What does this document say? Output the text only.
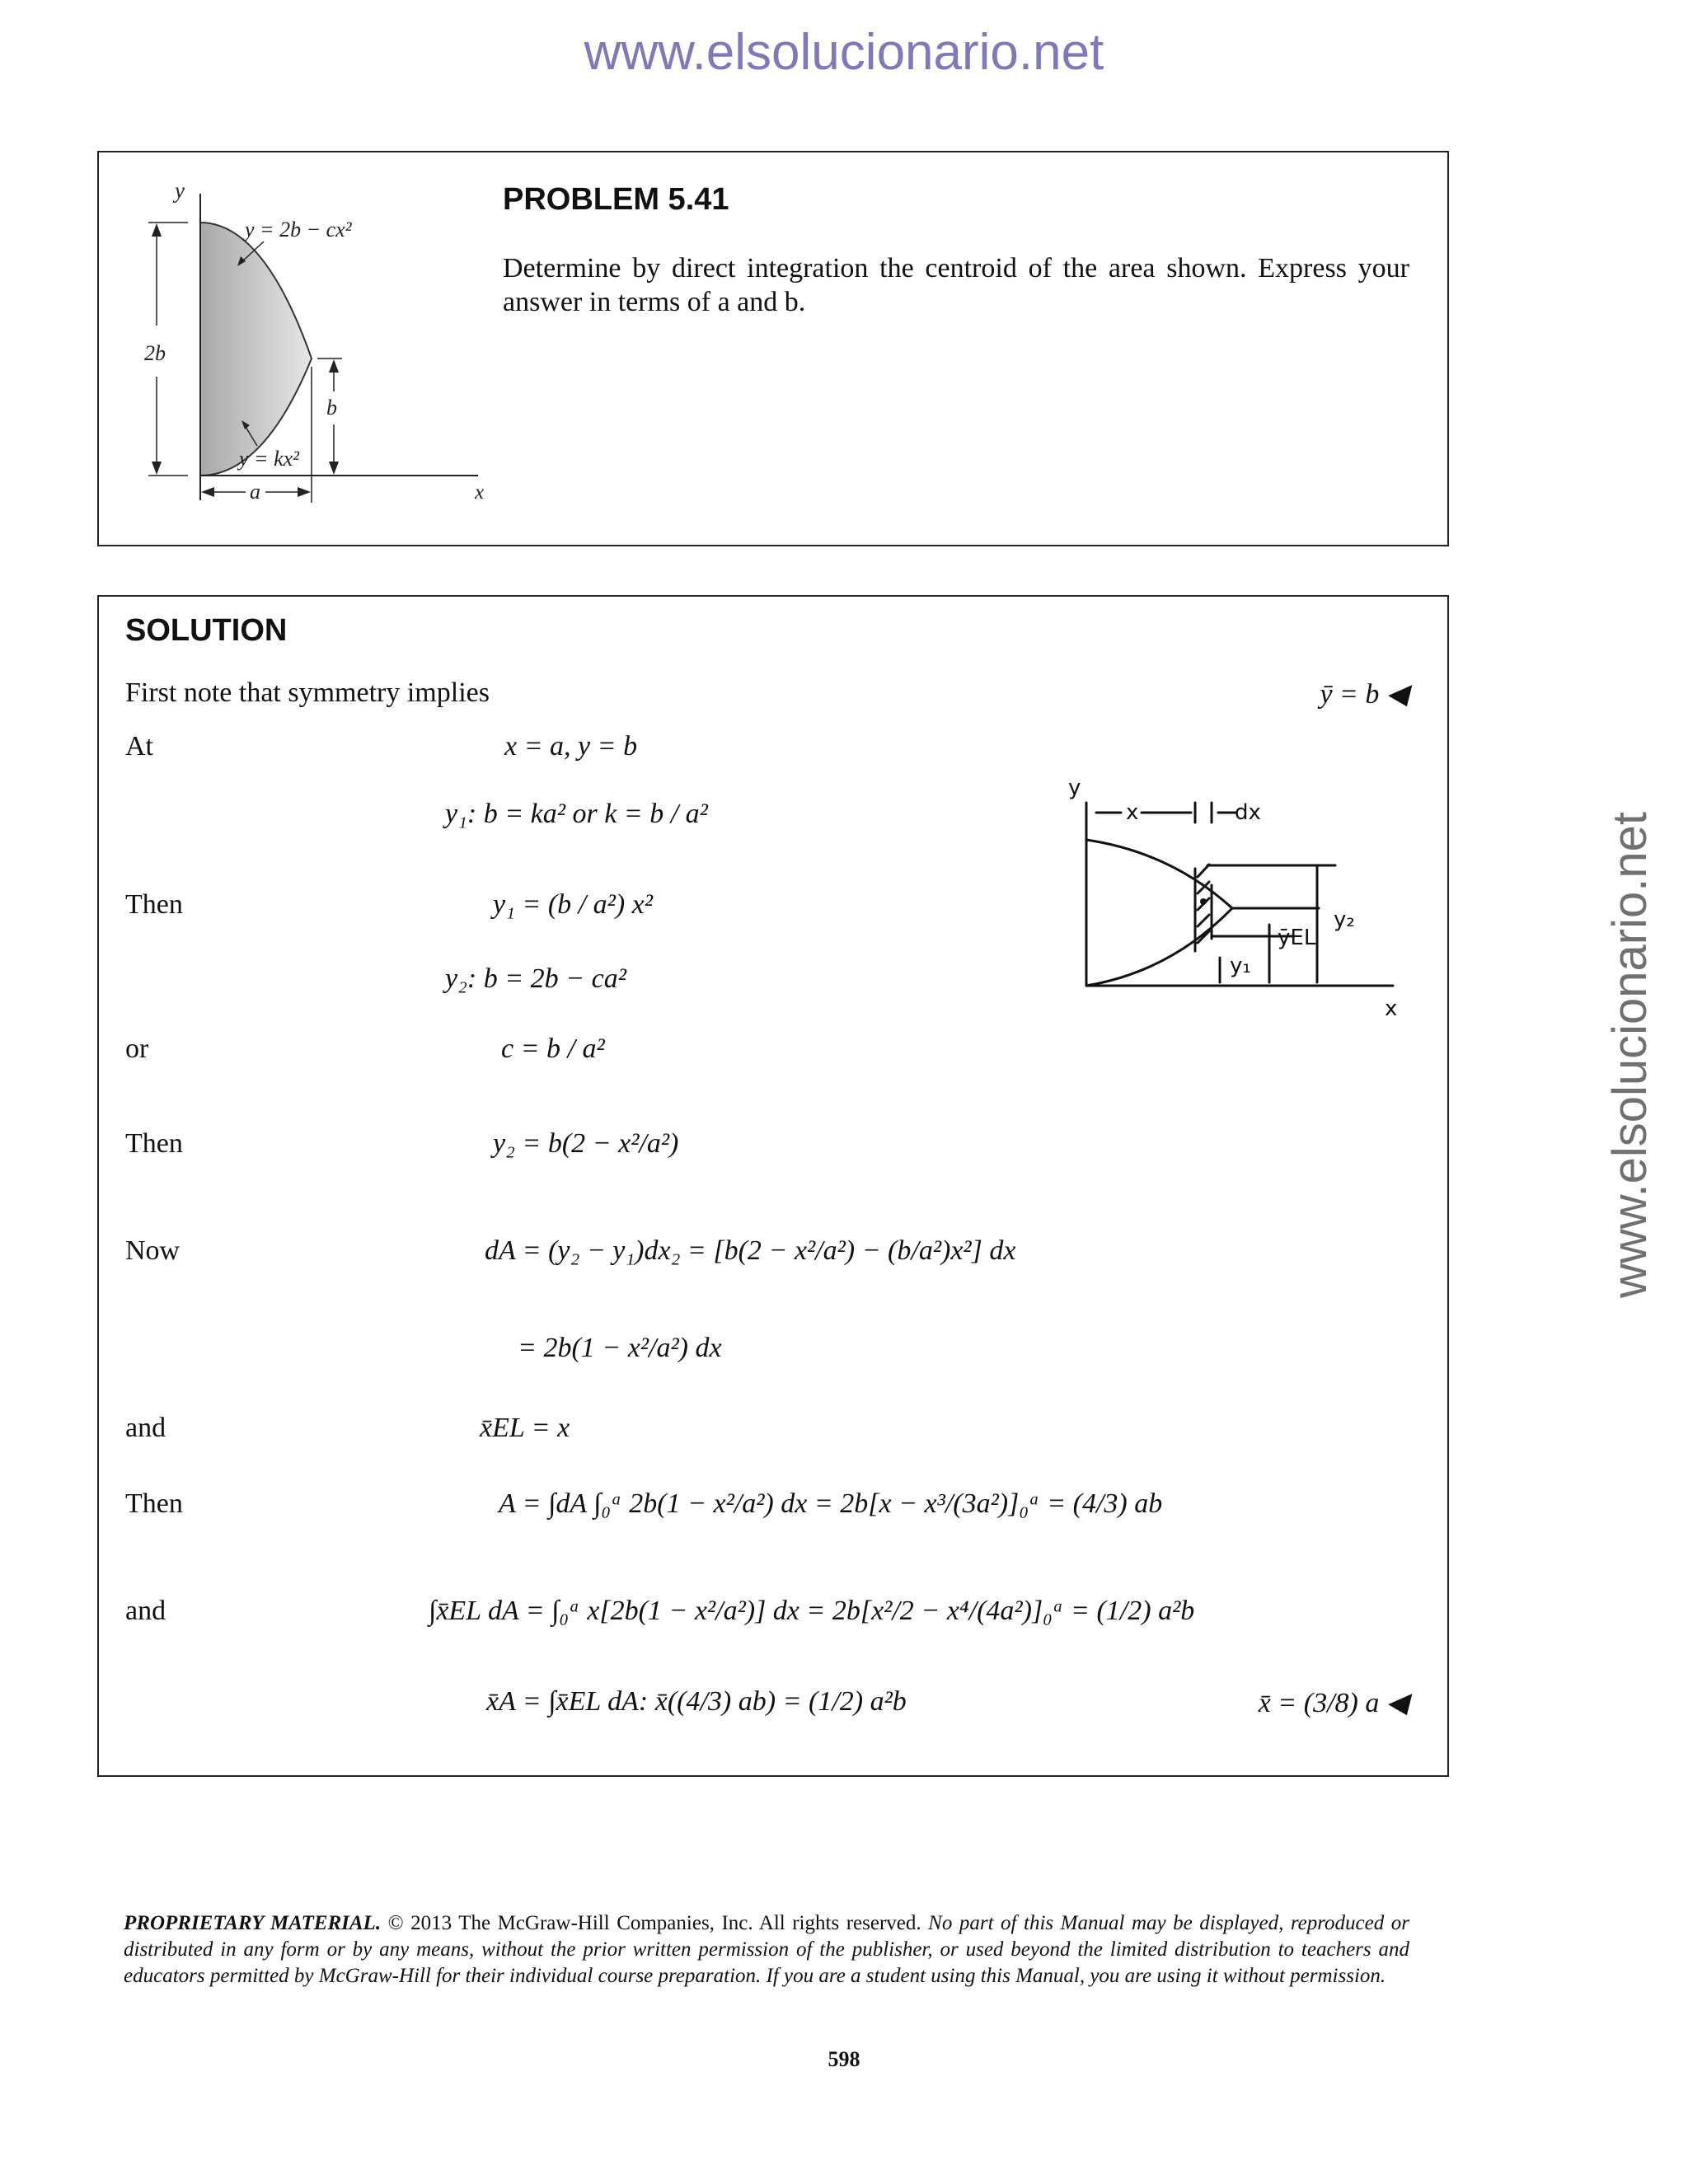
www.elsolucionario.net
www.elsolucionario.net
y
x
y = 2b − cx²
y = kx²
2b
b
a
PROBLEM 5.41
Determine by direct integration the centroid of the area shown. Express your answer in terms of a and b.
SOLUTION
First note that symmetry implies	ȳ = b ◀
At	x = a, y = b
y₁: b = ka² or k = b / a²
Then	y₁ = (b / a²) x²
y₂: b = 2b − ca²
or	c = b / a²
Then	y₂ = b(2 − x²/a²)
Now	dA = (y₂ − y₁)dx₂ = [b(2 − x²/a²) − (b/a²)x²] dx
= 2b(1 − x²/a²) dx
and	x̄EL = x
Then	A = ∫dA ∫₀ᵃ 2b(1 − x²/a²) dx = 2b[x − x³/(3a²)]₀ᵃ = (4/3) ab
and	∫x̄EL dA = ∫₀ᵃ x[2b(1 − x²/a²)] dx = 2b[x²/2 − x⁴/(4a²)]₀ᵃ = (1/2) a²b
x̄A = ∫x̄EL dA: x̄((4/3) ab) = (1/2) a²b	x̄ = (3/8) a ◀
y
x	dx
y₂
ȳEL
y₁
x
PROPRIETARY MATERIAL. © 2013 The McGraw-Hill Companies, Inc. All rights reserved. No part of this Manual may be displayed, reproduced or distributed in any form or by any means, without the prior written permission of the publisher, or used beyond the limited distribution to teachers and educators permitted by McGraw-Hill for their individual course preparation. If you are a student using this Manual, you are using it without permission.
598
